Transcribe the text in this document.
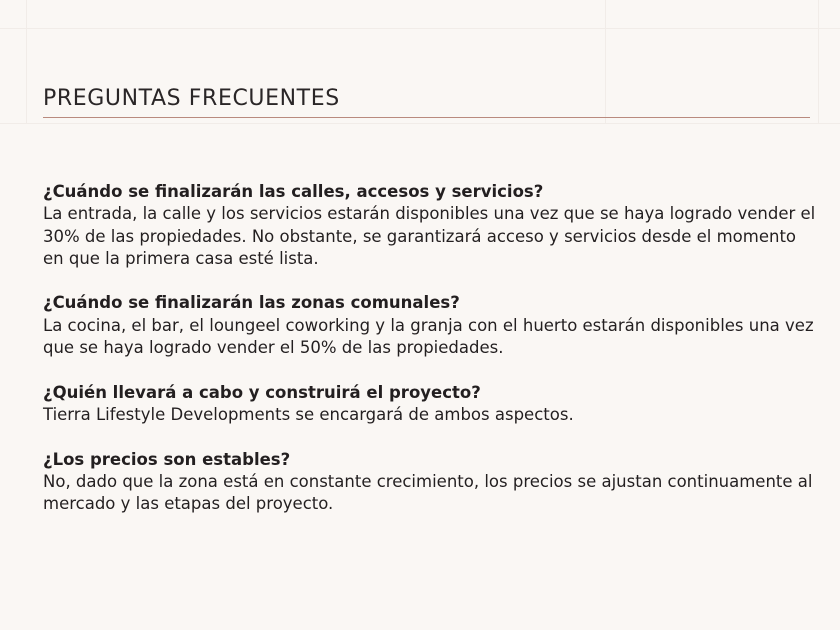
PREGUNTAS FRECUENTES
¿Cuándo se finalizarán las calles, accesos y servicios?
La entrada, la calle y los servicios estarán disponibles una vez que se haya logrado vender el 30% de las propiedades. No obstante, se garantizará acceso y servicios desde el momento en que la primera casa esté lista.
¿Cuándo se finalizarán las zonas comunales?
La cocina, el bar, el loungeel coworking y la granja con el huerto estarán disponibles una vez que se haya logrado vender el 50% de las propiedades.
¿Quién llevará a cabo y construirá el proyecto?
Tierra Lifestyle Developments se encargará de ambos aspectos.
¿Los precios son estables?
No, dado que la zona está en constante crecimiento, los precios se ajustan continuamente al mercado y las etapas del proyecto.
